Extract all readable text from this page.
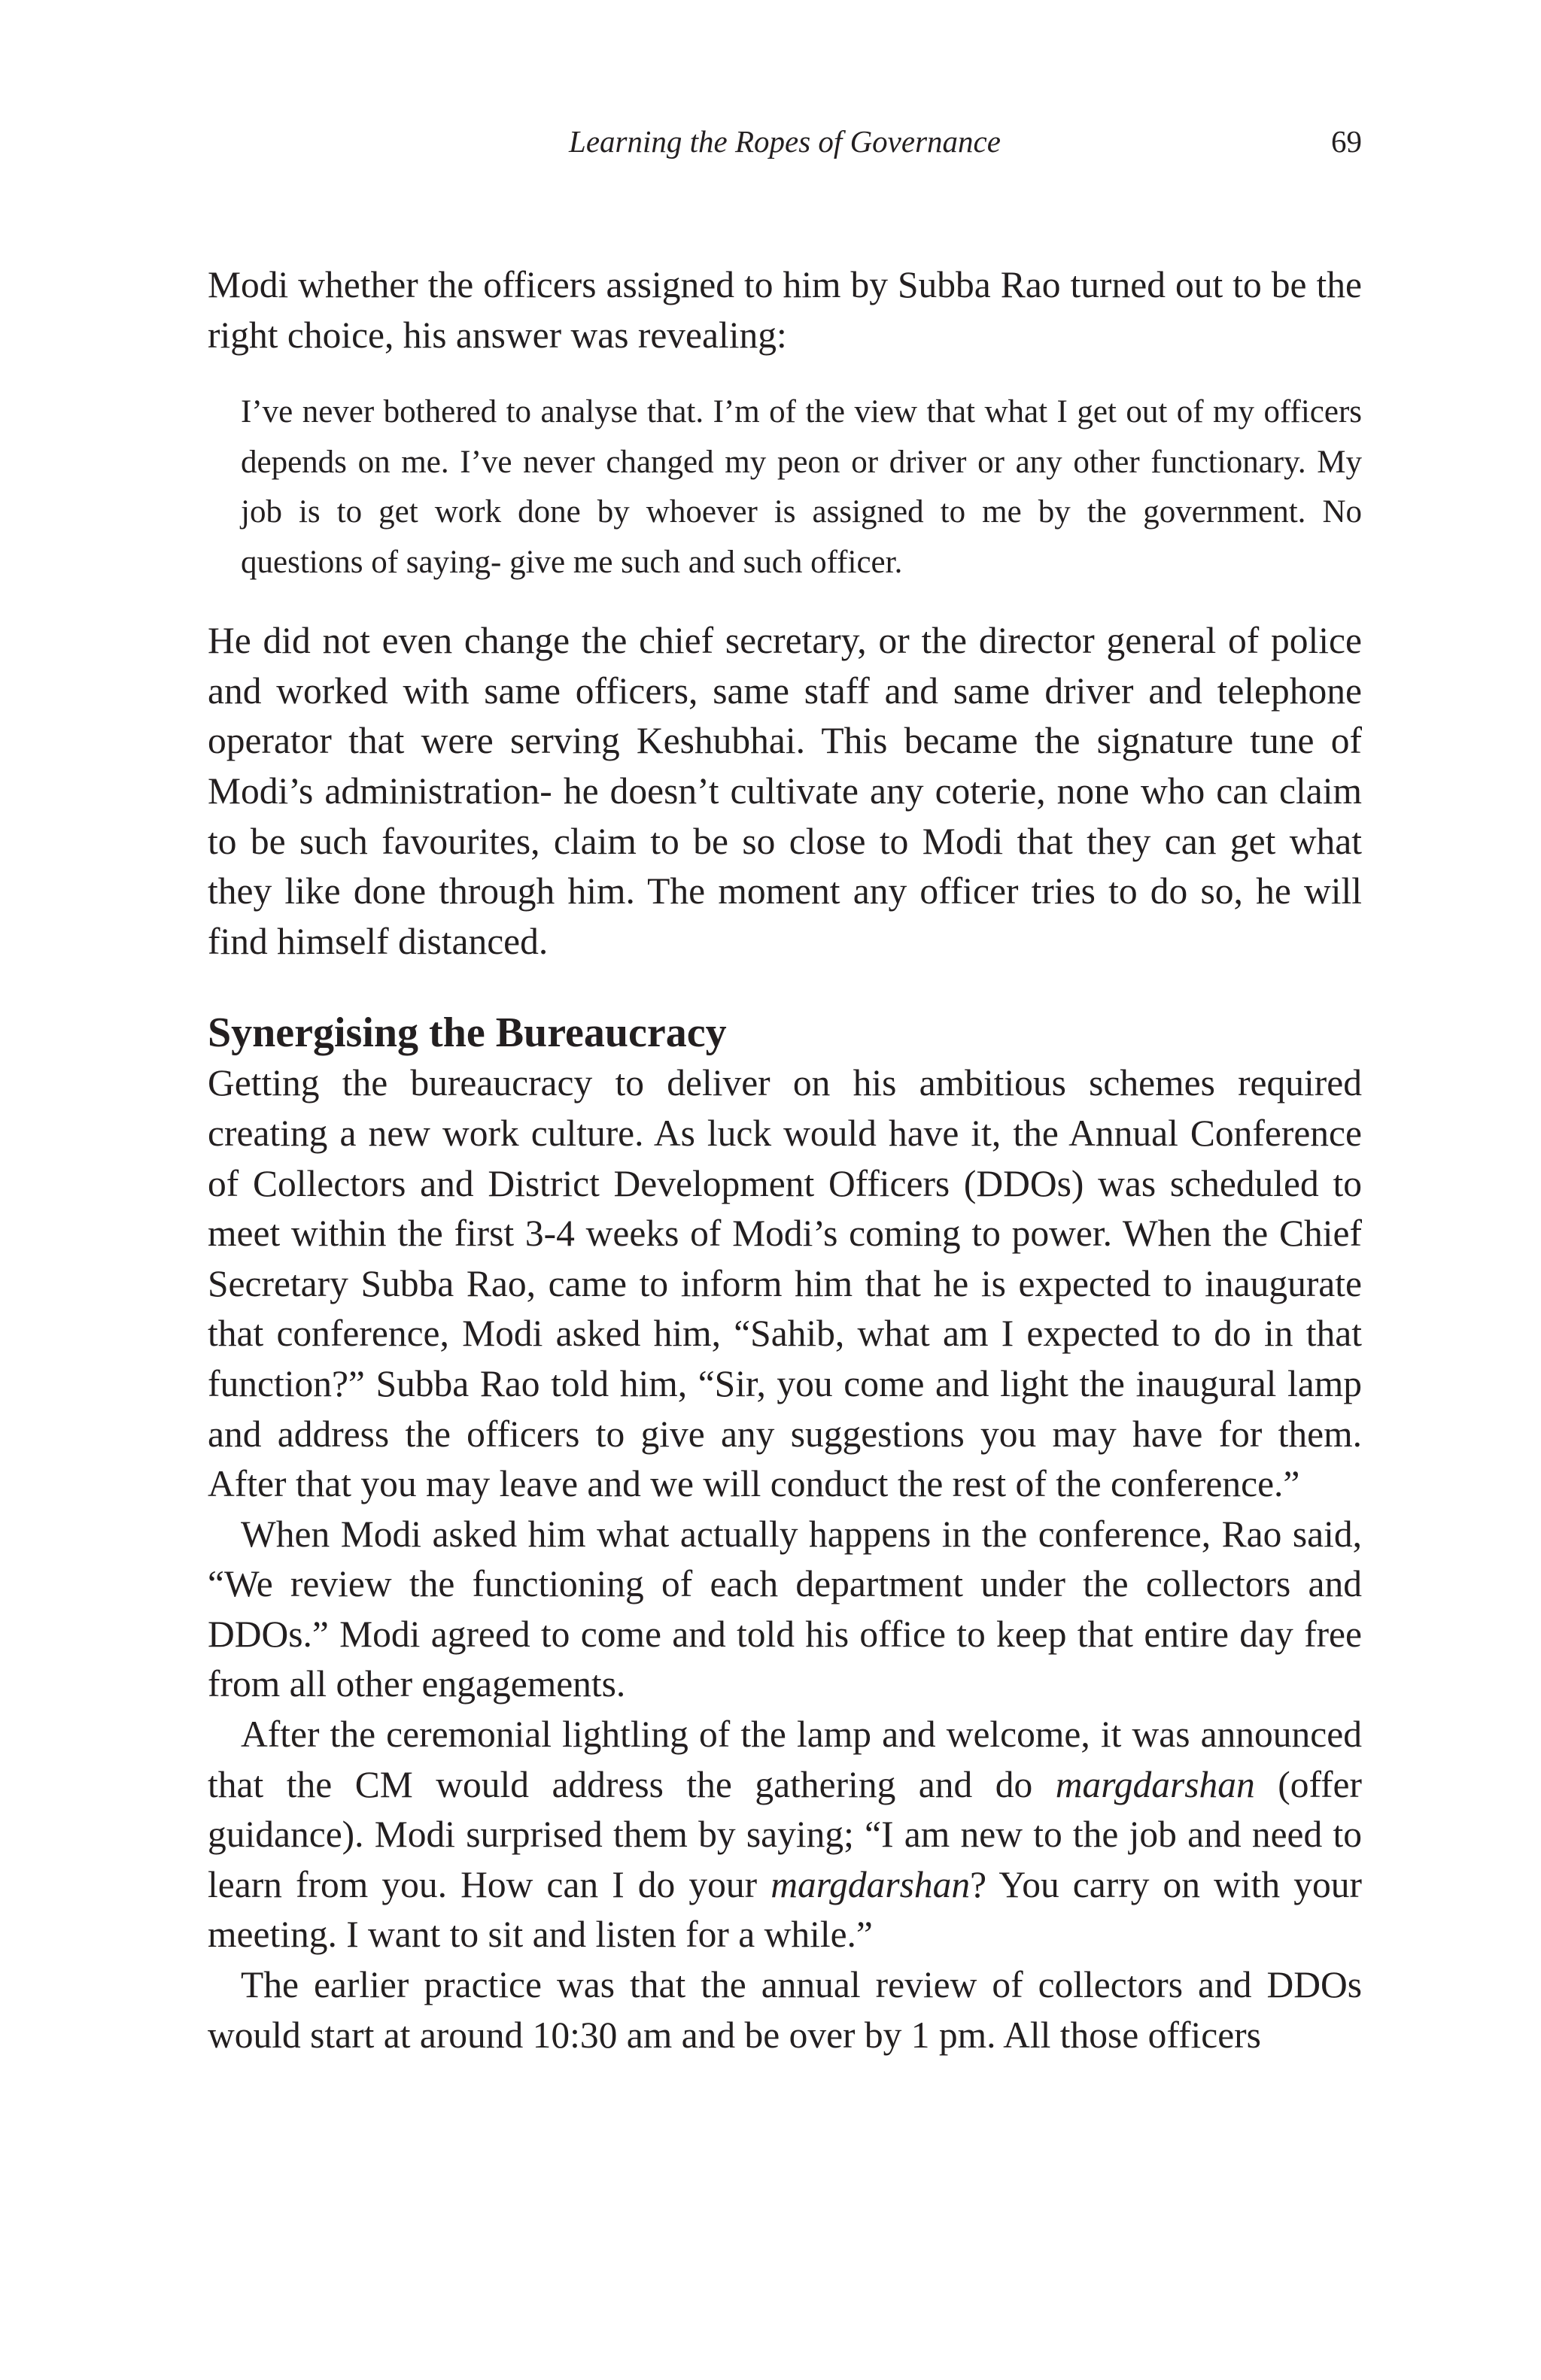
Learning the Ropes of Governance	69

Modi whether the officers assigned to him by Subba Rao turned out to be the right choice, his answer was revealing:

I’ve never bothered to analyse that. I’m of the view that what I get out of my officers depends on me. I’ve never changed my peon or driver or any other functionary. My job is to get work done by whoever is assigned to me by the government. No questions of saying- give me such and such officer.

He did not even change the chief secretary, or the director general of police and worked with same officers, same staff and same driver and telephone operator that were serving Keshubhai. This became the signature tune of Modi’s administration- he doesn’t cultivate any coterie, none who can claim to be such favourites, claim to be so close to Modi that they can get what they like done through him. The moment any officer tries to do so, he will find himself distanced.

Synergising the Bureaucracy

Getting the bureaucracy to deliver on his ambitious schemes required creating a new work culture. As luck would have it, the Annual Conference of Collectors and District Development Officers (DDOs) was scheduled to meet within the first 3-4 weeks of Modi’s coming to power. When the Chief Secretary Subba Rao, came to inform him that he is expected to inaugurate that conference, Modi asked him, “Sahib, what am I expected to do in that function?” Subba Rao told him, “Sir, you come and light the inaugural lamp and address the officers to give any suggestions you may have for them. After that you may leave and we will conduct the rest of the conference.”

When Modi asked him what actually happens in the conference, Rao said, “We review the functioning of each department under the collectors and DDOs.” Modi agreed to come and told his office to keep that entire day free from all other engagements.

After the ceremonial lightling of the lamp and welcome, it was announced that the CM would address the gathering and do margdarshan (offer guidance). Modi surprised them by saying; “I am new to the job and need to learn from you. How can I do your margdarshan? You carry on with your meeting. I want to sit and listen for a while.”

The earlier practice was that the annual review of collectors and DDOs would start at around 10:30 am and be over by 1 pm. All those officers
